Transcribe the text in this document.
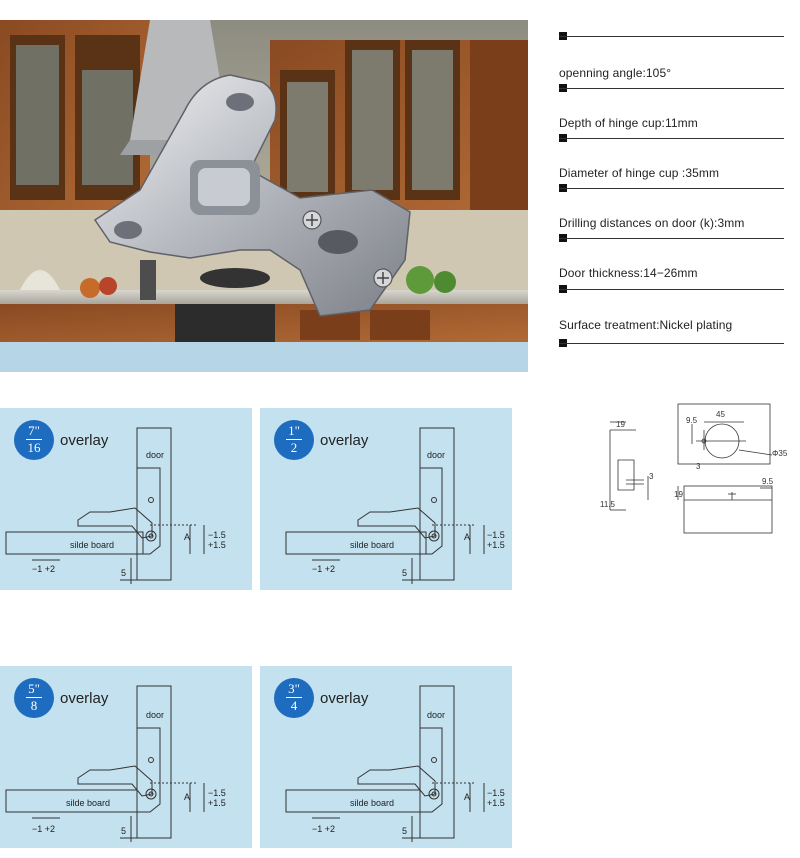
openning angle:105°
Depth of hinge cup:11mm
Diameter of hinge cup :35mm
Drilling distances on door (k):3mm
Door thickness:14−26mm
Surface treatment:Nickel plating
7"
16	overlay
door
silde board
−1 +2	5
A −1.5
+1.5
1"
2	overlay
door
silde board
−1 +2	5
A −1.5
+1.5
5"
8	overlay
door
silde board
−1 +2	5
A −1.5
+1.5
3"
4	overlay
door
silde board
−1 +2	5
A −1.5
+1.5
19
3
11.5
45
9.5
3
Φ35
19
9.5
